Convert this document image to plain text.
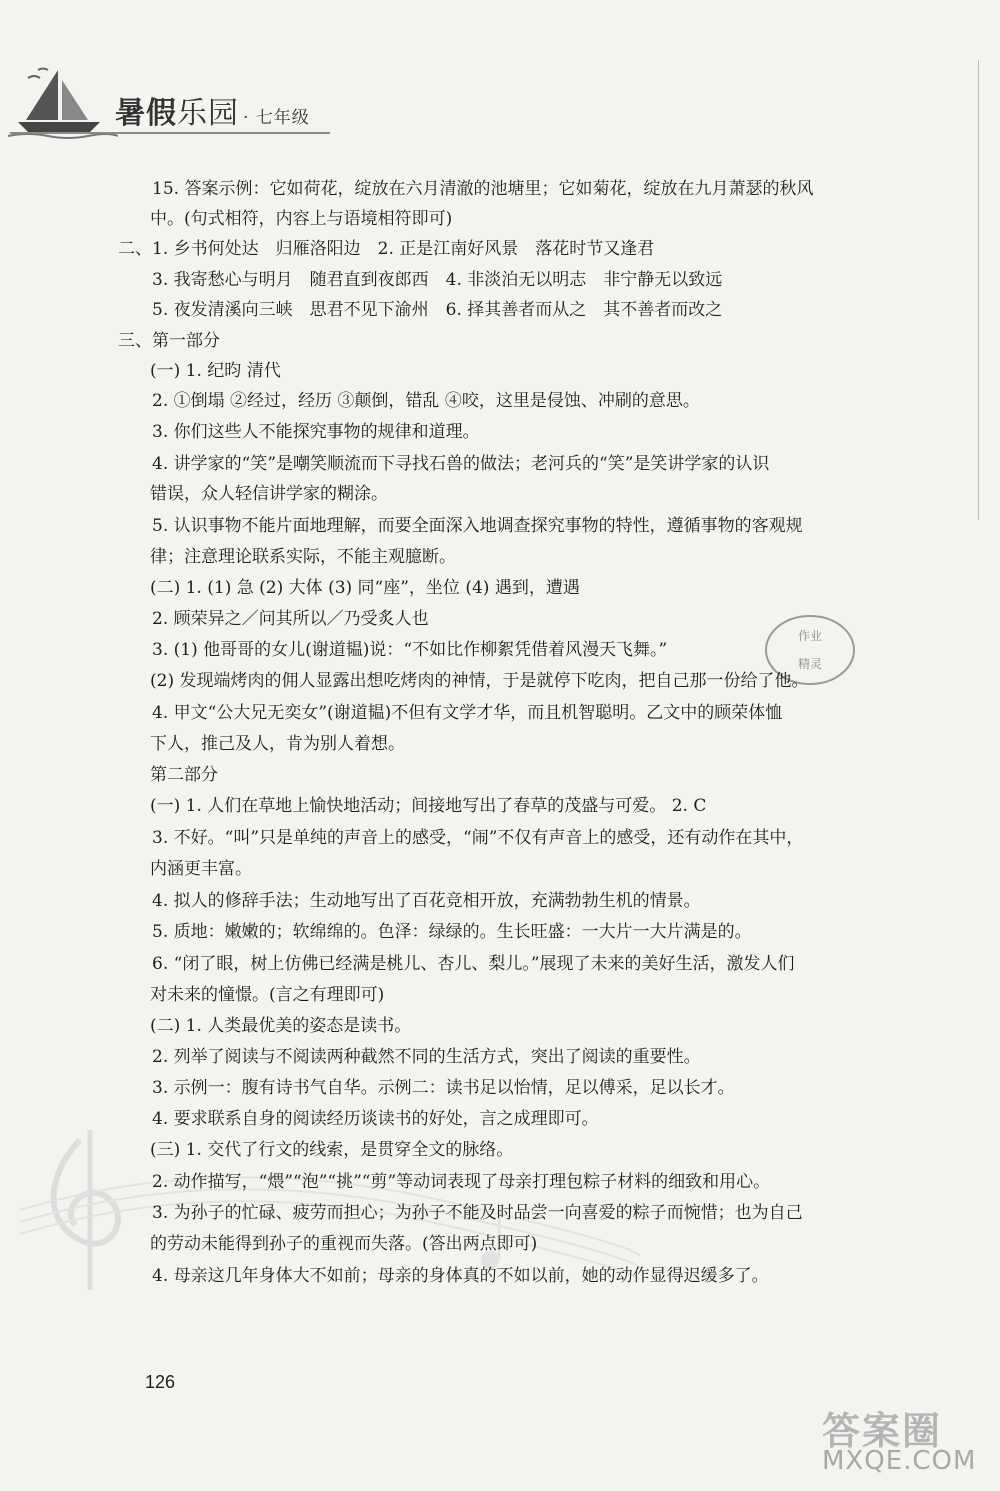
暑假乐园 · 七年级
作业
精灵
15. 答案示例：它如荷花，绽放在六月清澈的池塘里；它如菊花，绽放在九月萧瑟的秋风
中。(句式相符，内容上与语境相符即可)
二、1. 乡书何处达　归雁洛阳边　2. 正是江南好风景　落花时节又逢君
3. 我寄愁心与明月　随君直到夜郎西　4. 非淡泊无以明志　非宁静无以致远
5. 夜发清溪向三峡　思君不见下渝州　6. 择其善者而从之　其不善者而改之
三、第一部分
(一) 1. 纪昀 清代
2. ①倒塌 ②经过，经历 ③颠倒，错乱 ④咬，这里是侵蚀、冲刷的意思。
3. 你们这些人不能探究事物的规律和道理。
4. 讲学家的“笑”是嘲笑顺流而下寻找石兽的做法；老河兵的“笑”是笑讲学家的认识
错误，众人轻信讲学家的糊涂。
5. 认识事物不能片面地理解，而要全面深入地调查探究事物的特性，遵循事物的客观规
律；注意理论联系实际，不能主观臆断。
(二) 1. (1) 急 (2) 大体 (3) 同“座”，坐位 (4) 遇到，遭遇
2. 顾荣异之／问其所以／乃受炙人也
3. (1) 他哥哥的女儿(谢道韫)说：“不如比作柳絮凭借着风漫天飞舞。”
(2) 发现端烤肉的佣人显露出想吃烤肉的神情，于是就停下吃肉，把自己那一份给了他。
4. 甲文“公大兄无奕女”(谢道韫)不但有文学才华，而且机智聪明。乙文中的顾荣体恤
下人，推己及人，肯为别人着想。
第二部分
(一) 1. 人们在草地上愉快地活动；间接地写出了春草的茂盛与可爱。 2. C
3. 不好。“叫”只是单纯的声音上的感受，“闹”不仅有声音上的感受，还有动作在其中，
内涵更丰富。
4. 拟人的修辞手法；生动地写出了百花竞相开放，充满勃勃生机的情景。
5. 质地：嫩嫩的；软绵绵的。色泽：绿绿的。生长旺盛：一大片一大片满是的。
6. “闭了眼，树上仿佛已经满是桃儿、杏儿、梨儿。”展现了未来的美好生活，激发人们
对未来的憧憬。(言之有理即可)
(二) 1. 人类最优美的姿态是读书。
2. 列举了阅读与不阅读两种截然不同的生活方式，突出了阅读的重要性。
3. 示例一：腹有诗书气自华。示例二：读书足以怡情，足以傅采，足以长才。
4. 要求联系自身的阅读经历谈读书的好处，言之成理即可。
(三) 1. 交代了行文的线索，是贯穿全文的脉络。
2. 动作描写，“煨”“泡”“挑”“剪”等动词表现了母亲打理包粽子材料的细致和用心。
3. 为孙子的忙碌、疲劳而担心；为孙子不能及时品尝一向喜爱的粽子而惋惜；也为自己
的劳动未能得到孙子的重视而失落。(答出两点即可)
4. 母亲这几年身体大不如前；母亲的身体真的不如以前，她的动作显得迟缓多了。
126
答案圈
MXQE.COM
